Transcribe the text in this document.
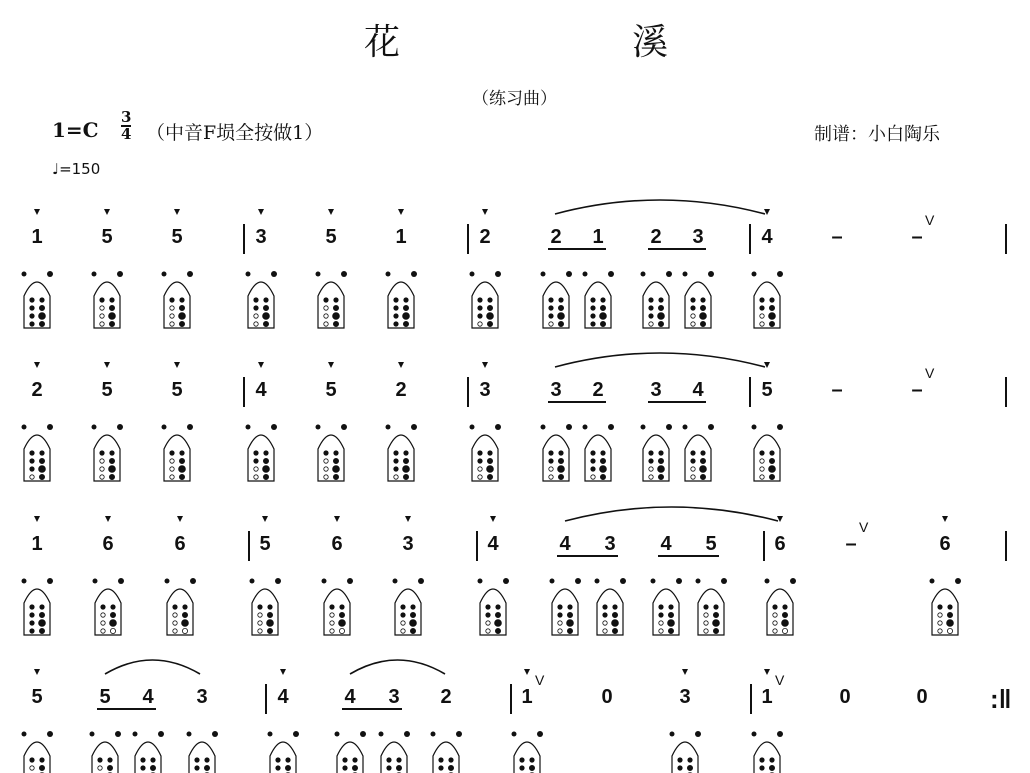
花	溪
（练习曲）
1=C
3
4 （中音F埙全按做1）	制谱：小白陶乐
♩=150
1	5	5	3	5	1	2	2 1 2 3	4	–	–
V
2	5	5	4	5	2	3	3 2 3 4	5	–	–
V
1	6	6	5	6	3	4	4 3 4 5	6	–
V
6
5	5 4 3	4	4 3 2	1
V
0	3	1
V
0	0 :‖
